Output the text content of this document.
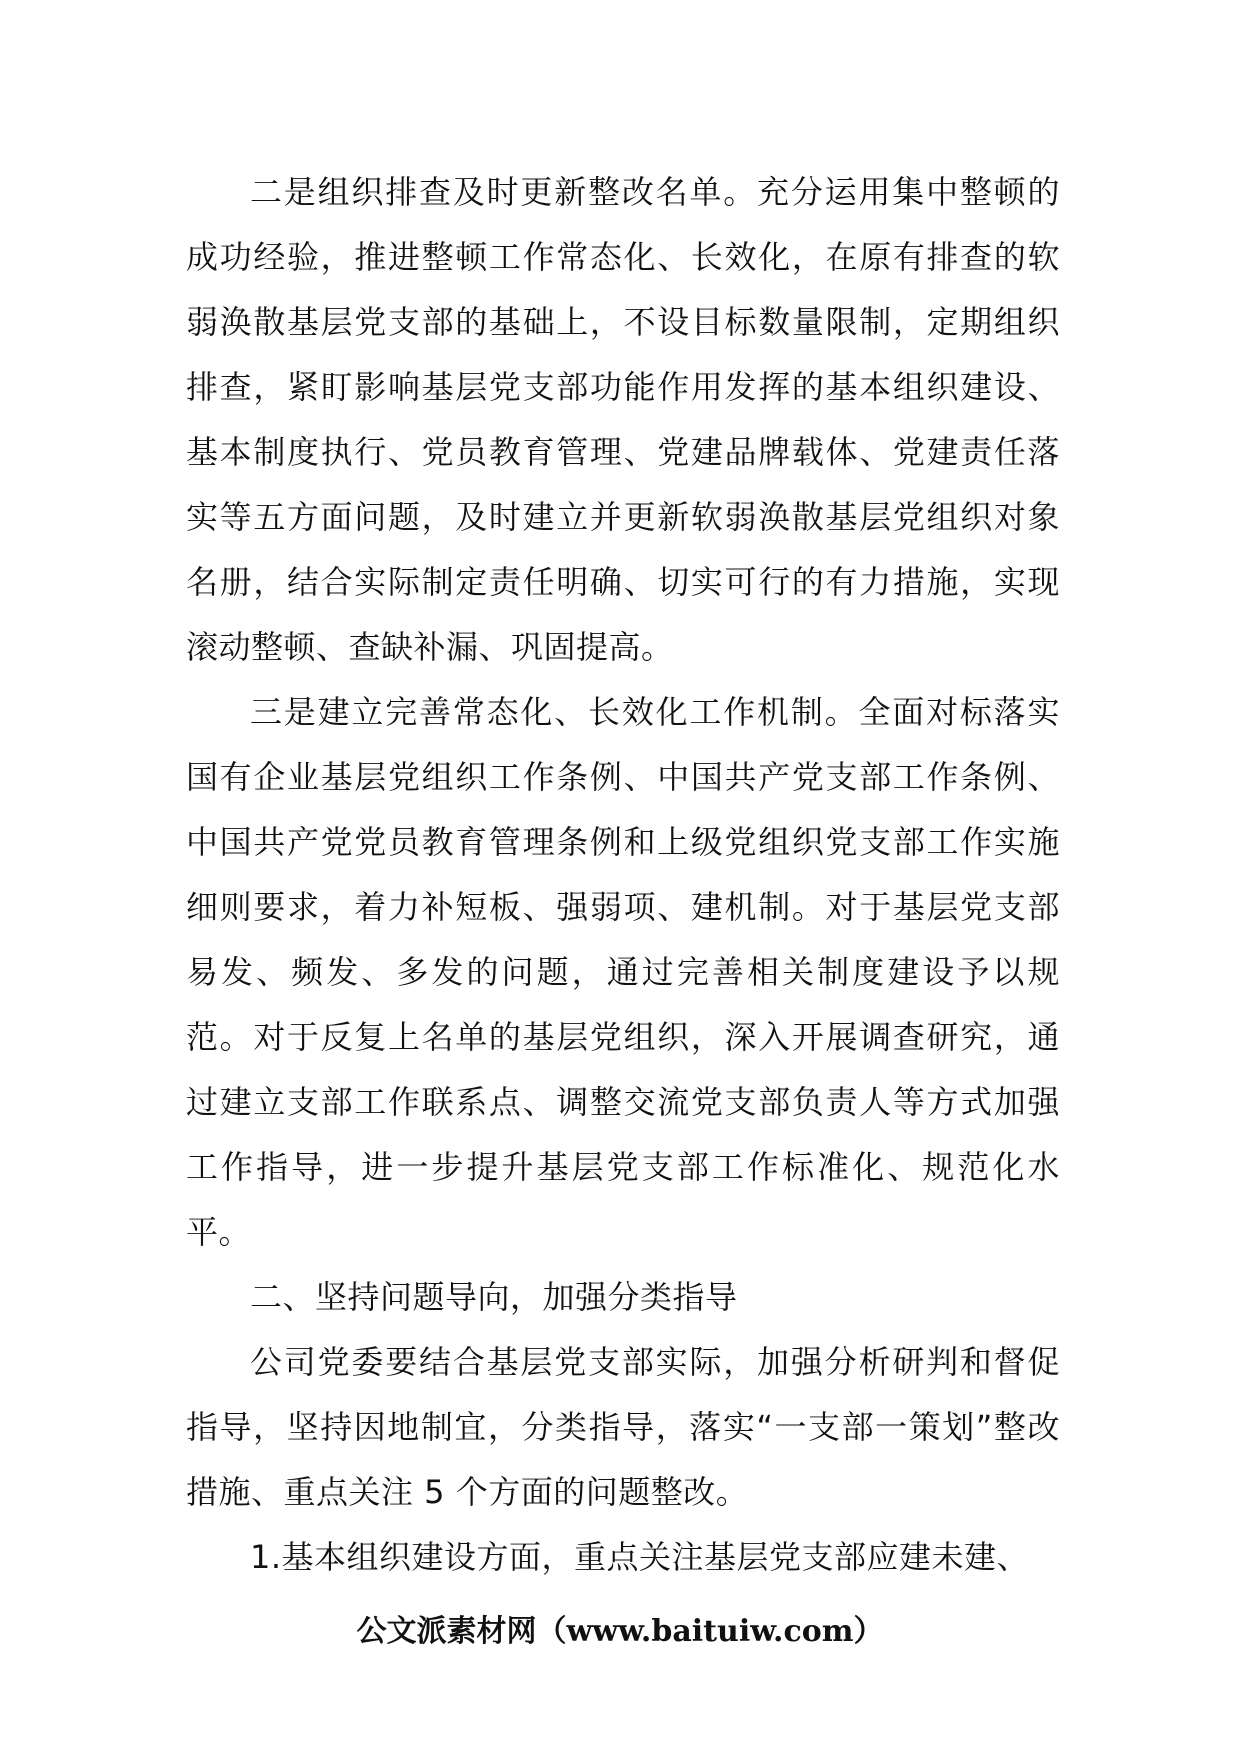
二是组织排查及时更新整改名单。充分运用集中整顿的成功经验，推进整顿工作常态化、长效化，在原有排查的软弱涣散基层党支部的基础上，不设目标数量限制，定期组织排查，紧盯影响基层党支部功能作用发挥的基本组织建设、基本制度执行、党员教育管理、党建品牌载体、党建责任落实等五方面问题，及时建立并更新软弱涣散基层党组织对象名册，结合实际制定责任明确、切实可行的有力措施，实现滚动整顿、查缺补漏、巩固提高。

三是建立完善常态化、长效化工作机制。全面对标落实国有企业基层党组织工作条例、中国共产党支部工作条例、中国共产党党员教育管理条例和上级党组织党支部工作实施细则要求，着力补短板、强弱项、建机制。对于基层党支部易发、频发、多发的问题，通过完善相关制度建设予以规范。对于反复上名单的基层党组织，深入开展调查研究，通过建立支部工作联系点、调整交流党支部负责人等方式加强工作指导，进一步提升基层党支部工作标准化、规范化水平。

二、坚持问题导向，加强分类指导

公司党委要结合基层党支部实际，加强分析研判和督促指导，坚持因地制宜，分类指导，落实“一支部一策划”整改措施、重点关注 5 个方面的问题整改。

1.基本组织建设方面，重点关注基层党支部应建未建、

公文派素材网（www.baituiw.com）
